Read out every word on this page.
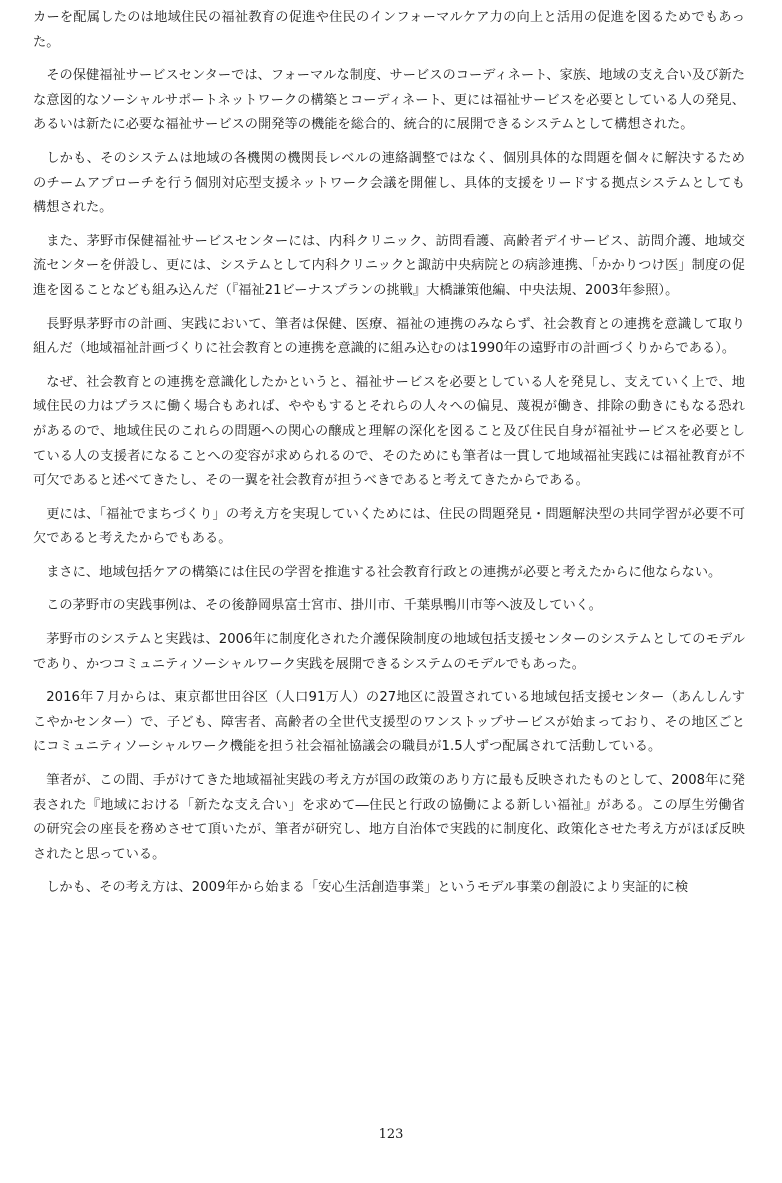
カーを配属したのは地域住民の福祉教育の促進や住民のインフォーマルケア力の向上と活用の促進を図るためでもあった。

その保健福祉サービスセンターでは、フォーマルな制度、サービスのコーディネート、家族、地域の支え合い及び新たな意図的なソーシャルサポートネットワークの構築とコーディネート、更には福祉サービスを必要としている人の発見、あるいは新たに必要な福祉サービスの開発等の機能を総合的、統合的に展開できるシステムとして構想された。

しかも、そのシステムは地域の各機関の機関長レベルの連絡調整ではなく、個別具体的な問題を個々に解決するためのチームアプローチを行う個別対応型支援ネットワーク会議を開催し、具体的支援をリードする拠点システムとしても構想された。

また、茅野市保健福祉サービスセンターには、内科クリニック、訪問看護、高齢者デイサービス、訪問介護、地域交流センターを併設し、更には、システムとして内科クリニックと諏訪中央病院との病診連携、「かかりつけ医」制度の促進を図ることなども組み込んだ（『福祉21ビーナスプランの挑戦』大橋謙策他編、中央法規、2003年参照）。

長野県茅野市の計画、実践において、筆者は保健、医療、福祉の連携のみならず、社会教育との連携を意識して取り組んだ（地域福祉計画づくりに社会教育との連携を意識的に組み込むのは1990年の遠野市の計画づくりからである）。

なぜ、社会教育との連携を意識化したかというと、福祉サービスを必要としている人を発見し、支えていく上で、地域住民の力はプラスに働く場合もあれば、ややもするとそれらの人々への偏見、蔑視が働き、排除の動きにもなる恐れがあるので、地域住民のこれらの問題への関心の醸成と理解の深化を図ること及び住民自身が福祉サービスを必要としている人の支援者になることへの変容が求められるので、そのためにも筆者は一貫して地域福祉実践には福祉教育が不可欠であると述べてきたし、その一翼を社会教育が担うべきであると考えてきたからである。

更には、「福祉でまちづくり」の考え方を実現していくためには、住民の問題発見・問題解決型の共同学習が必要不可欠であると考えたからでもある。

まさに、地域包括ケアの構築には住民の学習を推進する社会教育行政との連携が必要と考えたからに他ならない。

この茅野市の実践事例は、その後静岡県富士宮市、掛川市、千葉県鴨川市等へ波及していく。

茅野市のシステムと実践は、2006年に制度化された介護保険制度の地域包括支援センターのシステムとしてのモデルであり、かつコミュニティソーシャルワーク実践を展開できるシステムのモデルでもあった。

2016年７月からは、東京都世田谷区（人口91万人）の27地区に設置されている地域包括支援センター（あんしんすこやかセンター）で、子ども、障害者、高齢者の全世代支援型のワンストップサービスが始まっており、その地区ごとにコミュニティソーシャルワーク機能を担う社会福祉協議会の職員が1.5人ずつ配属されて活動している。

筆者が、この間、手がけてきた地域福祉実践の考え方が国の政策のあり方に最も反映されたものとして、2008年に発表された『地域における「新たな支え合い」を求めて―住民と行政の協働による新しい福祉』がある。この厚生労働省の研究会の座長を務めさせて頂いたが、筆者が研究し、地方自治体で実践的に制度化、政策化させた考え方がほぼ反映されたと思っている。

しかも、その考え方は、2009年から始まる「安心生活創造事業」というモデル事業の創設により実証的に検

123
